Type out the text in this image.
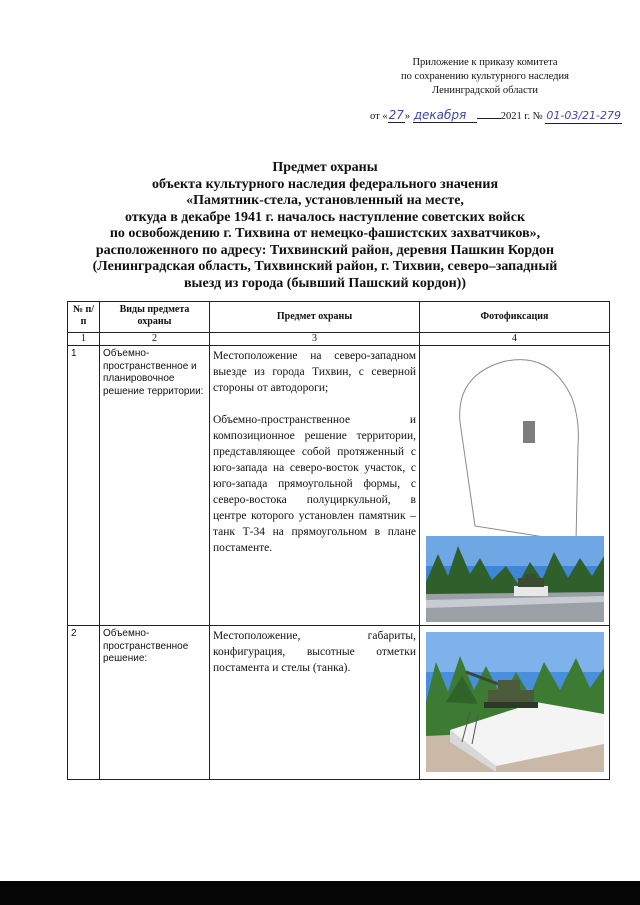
Приложение к приказу комитета
по сохранению культурного наследия
Ленинградской области
от «27» декабря	2021 г. № 01-03/21-279
Предмет охраны
объекта культурного наследия федерального значения
«Памятник-стела, установленный на месте,
откуда в декабре 1941 г. началось наступление советских войск
по освобождению г. Тихвина от немецко-фашистских захватчиков»,
расположенного по адресу: Тихвинский район, деревня Пашкин Кордон
(Ленинградская область, Тихвинский район, г. Тихвин, северо–западный
выезд из города (бывший Пашский кордон))
№ п/п	Виды предмета охраны	Предмет охраны	Фотофиксация
1	2	3	4
1	Объемно-пространственное и планировочное решение территории:	Местоположение на северо-западном выезде из города Тихвин, с северной стороны от автодороги;

Объемно-пространственное и композиционное решение территории, представляющее собой протяженный с юго-запада на северо-восток участок, с юго-запада прямоугольной формы, с северо-востока полуциркульной, в центре которого установлен памятник – танк Т-34 на прямоугольном в плане постаменте.

2	Объемно-пространственное решение:	Местоположение, габариты, конфигурация, высотные отметки постамента и стелы (танка).
